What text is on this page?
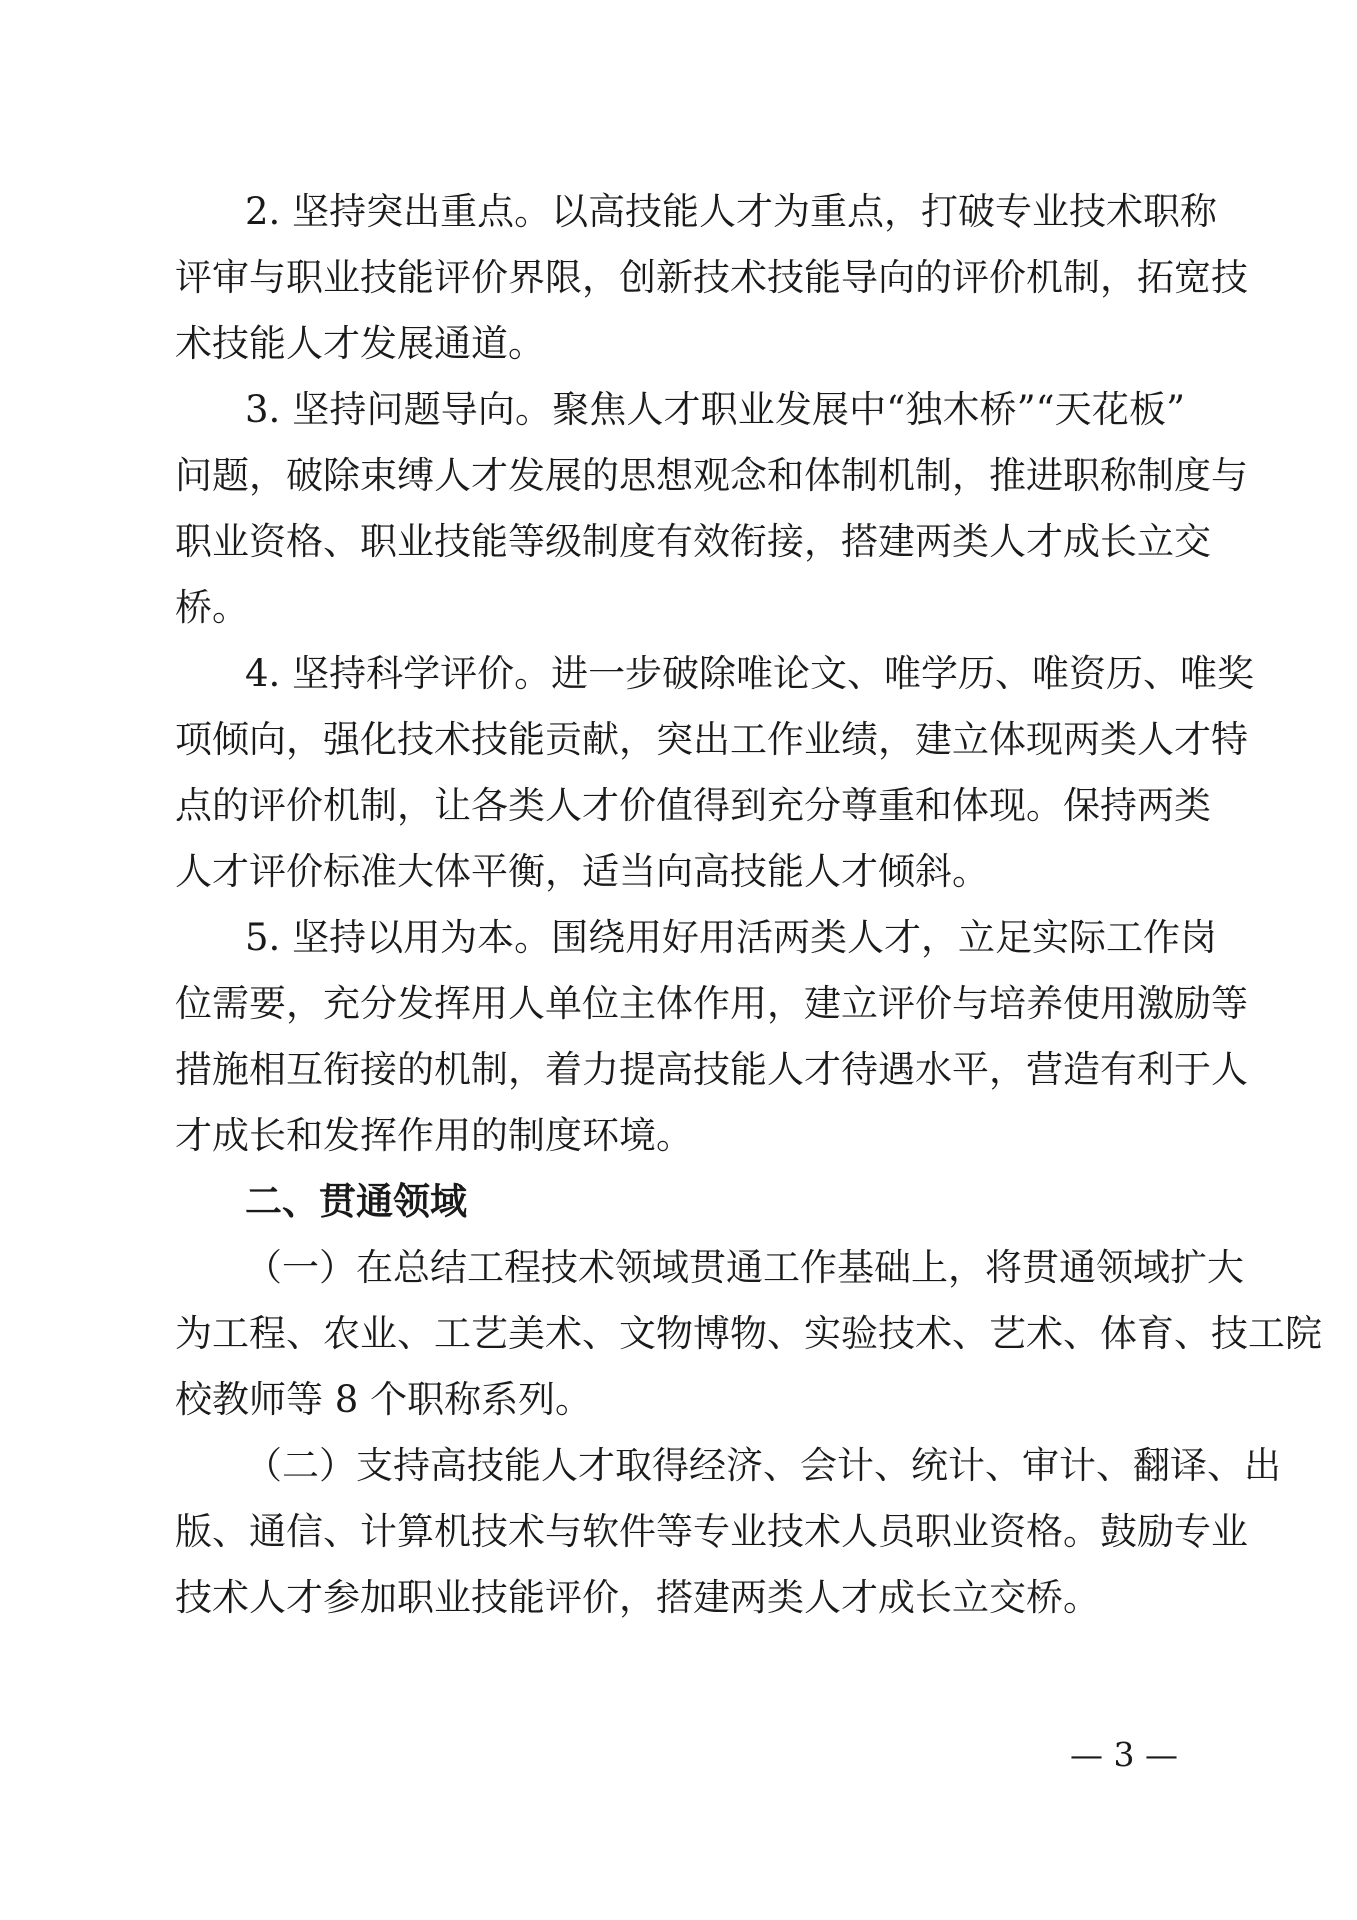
2. 坚持突出重点。以高技能人才为重点，打破专业技术职称
评审与职业技能评价界限，创新技术技能导向的评价机制，拓宽技
术技能人才发展通道。
3. 坚持问题导向。聚焦人才职业发展中“独木桥”“天花板”
问题，破除束缚人才发展的思想观念和体制机制，推进职称制度与
职业资格、职业技能等级制度有效衔接，搭建两类人才成长立交
桥。
4. 坚持科学评价。进一步破除唯论文、唯学历、唯资历、唯奖
项倾向，强化技术技能贡献，突出工作业绩，建立体现两类人才特
点的评价机制，让各类人才价值得到充分尊重和体现。保持两类
人才评价标准大体平衡，适当向高技能人才倾斜。
5. 坚持以用为本。围绕用好用活两类人才，立足实际工作岗
位需要，充分发挥用人单位主体作用，建立评价与培养使用激励等
措施相互衔接的机制，着力提高技能人才待遇水平，营造有利于人
才成长和发挥作用的制度环境。
二、贯通领域
（一）在总结工程技术领域贯通工作基础上，将贯通领域扩大
为工程、农业、工艺美术、文物博物、实验技术、艺术、体育、技工院
校教师等 8 个职称系列。
（二）支持高技能人才取得经济、会计、统计、审计、翻译、出
版、通信、计算机技术与软件等专业技术人员职业资格。鼓励专业
技术人才参加职业技能评价，搭建两类人才成长立交桥。
— 3 —
